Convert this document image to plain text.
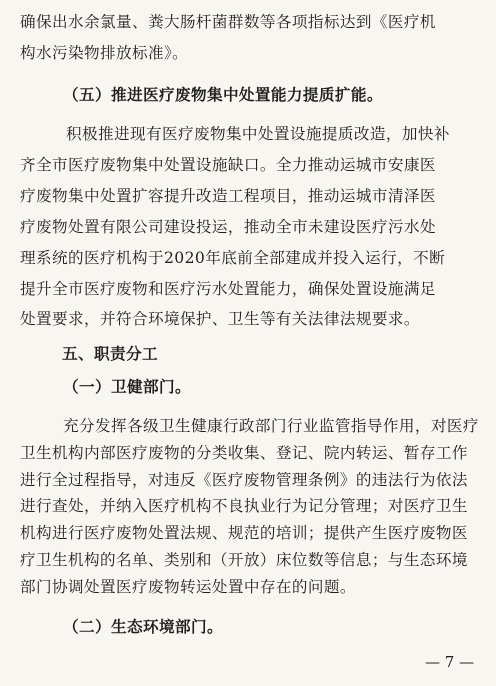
确保出水余氯量、粪大肠杆菌群数等各项指标达到《医疗机
构水污染物排放标准》。
（五）推进医疗废物集中处置能力提质扩能。
积极推进现有医疗废物集中处置设施提质改造，加快补
齐全市医疗废物集中处置设施缺口。全力推动运城市安康医
疗废物集中处置扩容提升改造工程项目，推动运城市清泽医
疗废物处置有限公司建设投运，推动全市未建设医疗污水处
理系统的医疗机构于2020年底前全部建成并投入运行，不断
提升全市医疗废物和医疗污水处置能力，确保处置设施满足
处置要求，并符合环境保护、卫生等有关法律法规要求。
五、职责分工
（一）卫健部门。
充分发挥各级卫生健康行政部门行业监管指导作用，对医疗
卫生机构内部医疗废物的分类收集、登记、院内转运、暂存工作
进行全过程指导，对违反《医疗废物管理条例》的违法行为依法
进行查处，并纳入医疗机构不良执业行为记分管理；对医疗卫生
机构进行医疗废物处置法规、规范的培训；提供产生医疗废物医
疗卫生机构的名单、类别和（开放）床位数等信息；与生态环境
部门协调处置医疗废物转运处置中存在的问题。
（二）生态环境部门。
— 7 —
